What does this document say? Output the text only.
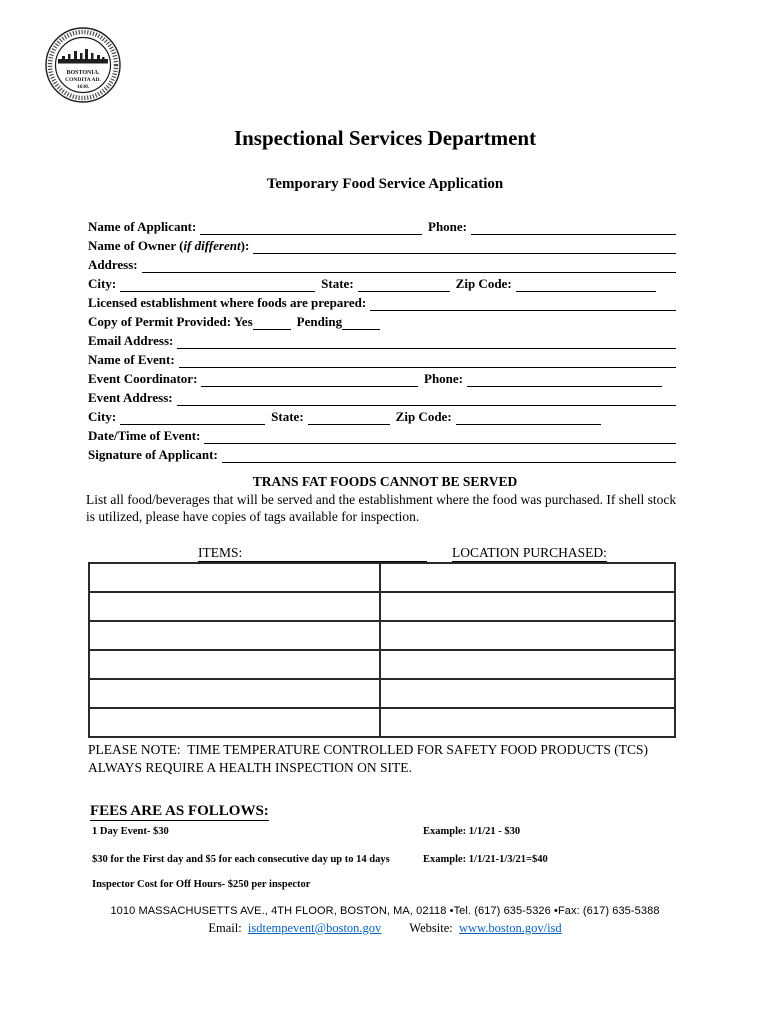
BOSTONIA.
CONDITA AD.
1630.
Inspectional Services Department
Temporary Food Service Application
Name of Applicant:	Phone:
Name of Owner ( if different ):
Address:
City:	State:	Zip Code:
Licensed establishment where foods are prepared:
Copy of Permit Provided: Yes	Pending
Email Address:
Name of Event:
Event Coordinator:	Phone:
Event Address:
City:	State:	Zip Code:
Date/Time of Event:
Signature of Applicant:
TRANS FAT FOODS CANNOT BE SERVED
List all food/beverages that will be served and the establishment where the food was purchased. If shell stock is utilized, please have copies of tags available for inspection.
ITEMS:	LOCATION PURCHASED:

PLEASE NOTE:  TIME TEMPERATURE CONTROLLED FOR SAFETY FOOD PRODUCTS (TCS) ALWAYS REQUIRE A HEALTH INSPECTION ON SITE.
FEES ARE AS FOLLOWS:
1 Day Event- $30	Example: 1/1/21 - $30
$30 for the First day and $5 for each consecutive day up to 14 days	Example: 1/1/21-1/3/21=$40
Inspector Cost for Off Hours- $250 per inspector
1010 MASSACHUSETTS AVE., 4TH FLOOR, BOSTON, MA, 02118 •Tel. (617) 635-5326 •Fax: (617) 635-5388
Email:  isdtempevent@boston.gov Website:  www.boston.gov/isd
